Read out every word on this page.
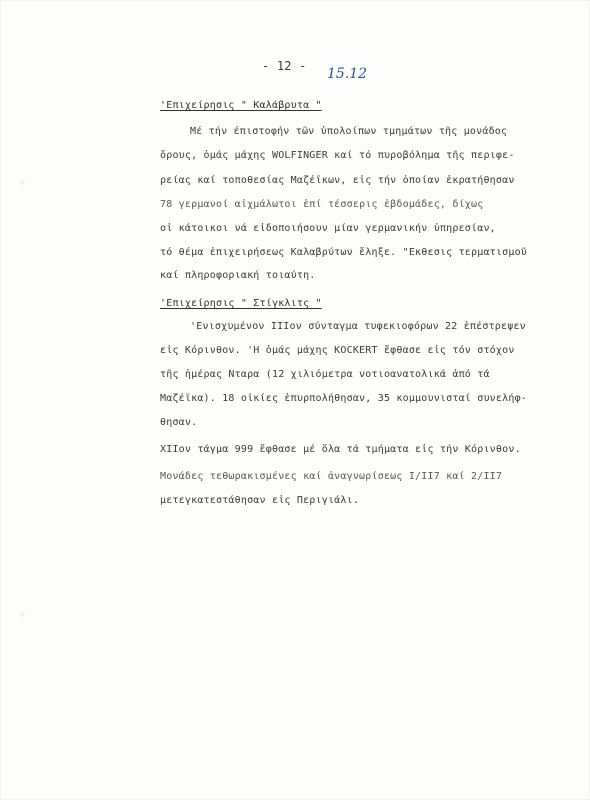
- 12 - 15.12
'Επιχείρησις " Καλάβρυτα "
Μέ τήν έπιστοφήν τῶν ὑπολοίπων τμημάτων τῆς μονάδος
ὄρους, ὁμάς μάχης WOLFINGER καί τό πυροβόλημα τῆς περιφε-
ρείας καί τοποθεσίας Μαζέϊκων, εἰς τήν ὁποίαν ἐκρατήθησαν
78 γερμανοί αἰχμάλωτοι ἐπί τέσσερις ἑβδομάδες, δίχως
οἱ κάτοικοι νά εἰδοποιήσουν μίαν γερμανικήν ὑπηρεσίαν,
τό θέμα ἐπιχειρήσεως Καλαβρύτων ἔληξε. "Εκθεσις τερματισμοῦ
καί πληροφοριακή τοιαύτη.
'Επιχείρησις " Στίγκλιτς "
'Ενισχυμένον IIIον σύνταγμα τυφεκιοφόρων 22 ἐπέστρεψεν
εἰς Κόρινθον. 'Η ὁμάς μάχης KOCKERT ἔφθασε εἰς τόν στόχον
τῆς ἡμέρας Νταρα (12 χιλιόμετρα νοτιοανατολικά ἀπό τά
Μαζέϊκα). 18 οἰκίες ἐπυρπολήθησαν, 35 κομμουνισταί συνελήφ-
θησαν.
XIIον τάγμα 999 ἔφθασε μέ ὅλα τά τμήματα εἰς τήν Κόρινθον.
Μονάδες τεθωρακισμένες καί ἀναγνωρίσεως I/II7 καί 2/II7
μετεγκατεστάθησαν εἰς Περιγιάλι.
